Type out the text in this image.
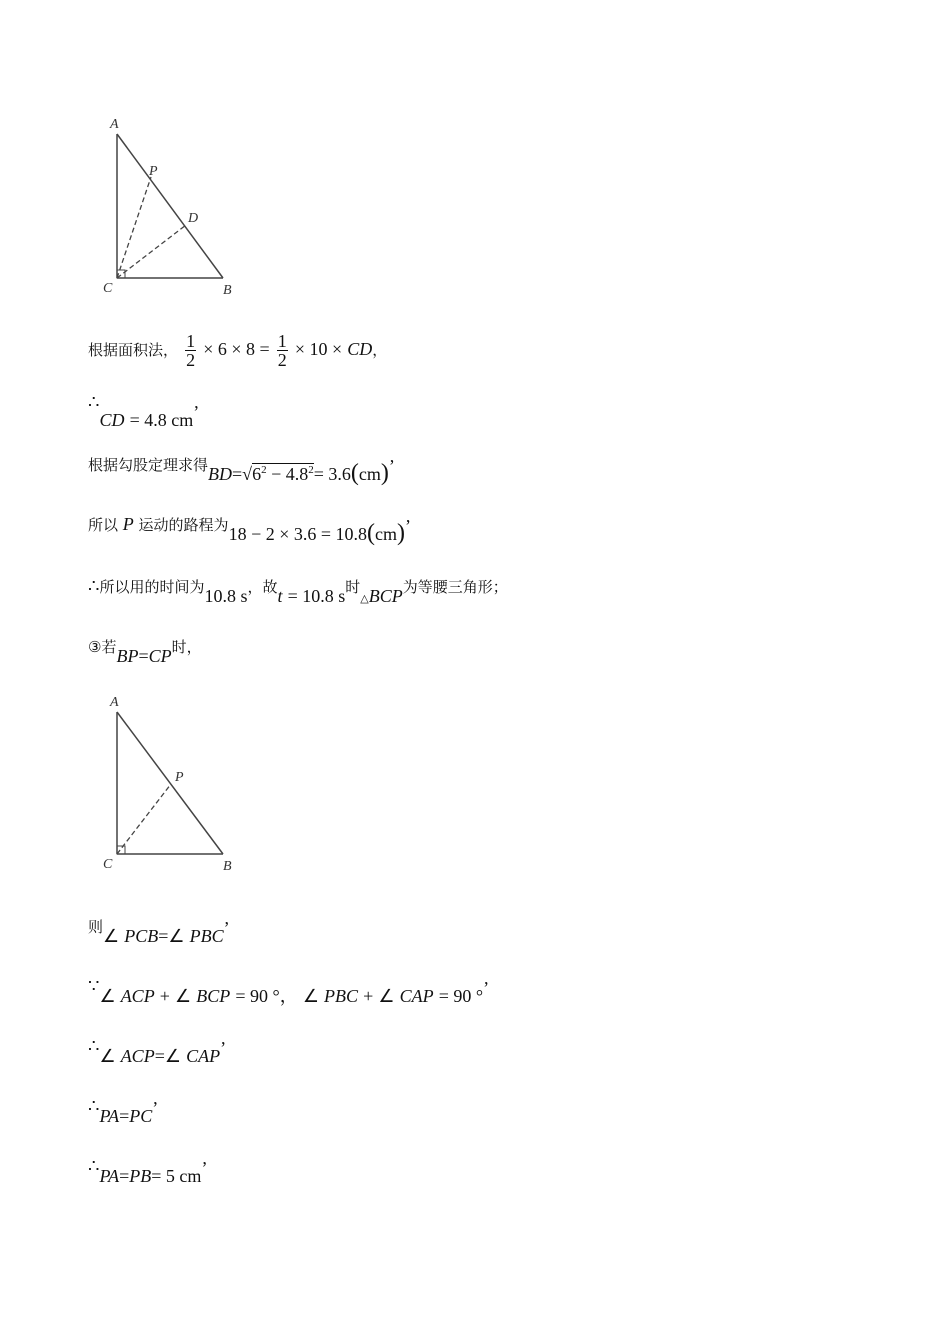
A
P
D
C	B
根据面积法， $\frac{1}{2} \times 6 \times 8 = \frac{1}{2} \times 10$ × CD，
∴CD = 4.8 cm’
根据勾股定理求得$BD=√6^2 - 4.8^2= 3.6(cm)$’
所以 P 运动的路程为18 − 2 × 3.6 = 10.8(cm)’
∴所以用的时间为10.8 s，故t = 10.8 s时△BCP为等腰三角形；
③若BP=CP时，
A
P
C	B
则∠ PCB=∠ PBC’
∵∠ ACP + ∠ BCP = 90 °， ∠ PBC + ∠ CAP = 90 °’
∴∠ ACP=∠ CAP’
∴PA=PC’
∴PA=PB= 5 cm’
